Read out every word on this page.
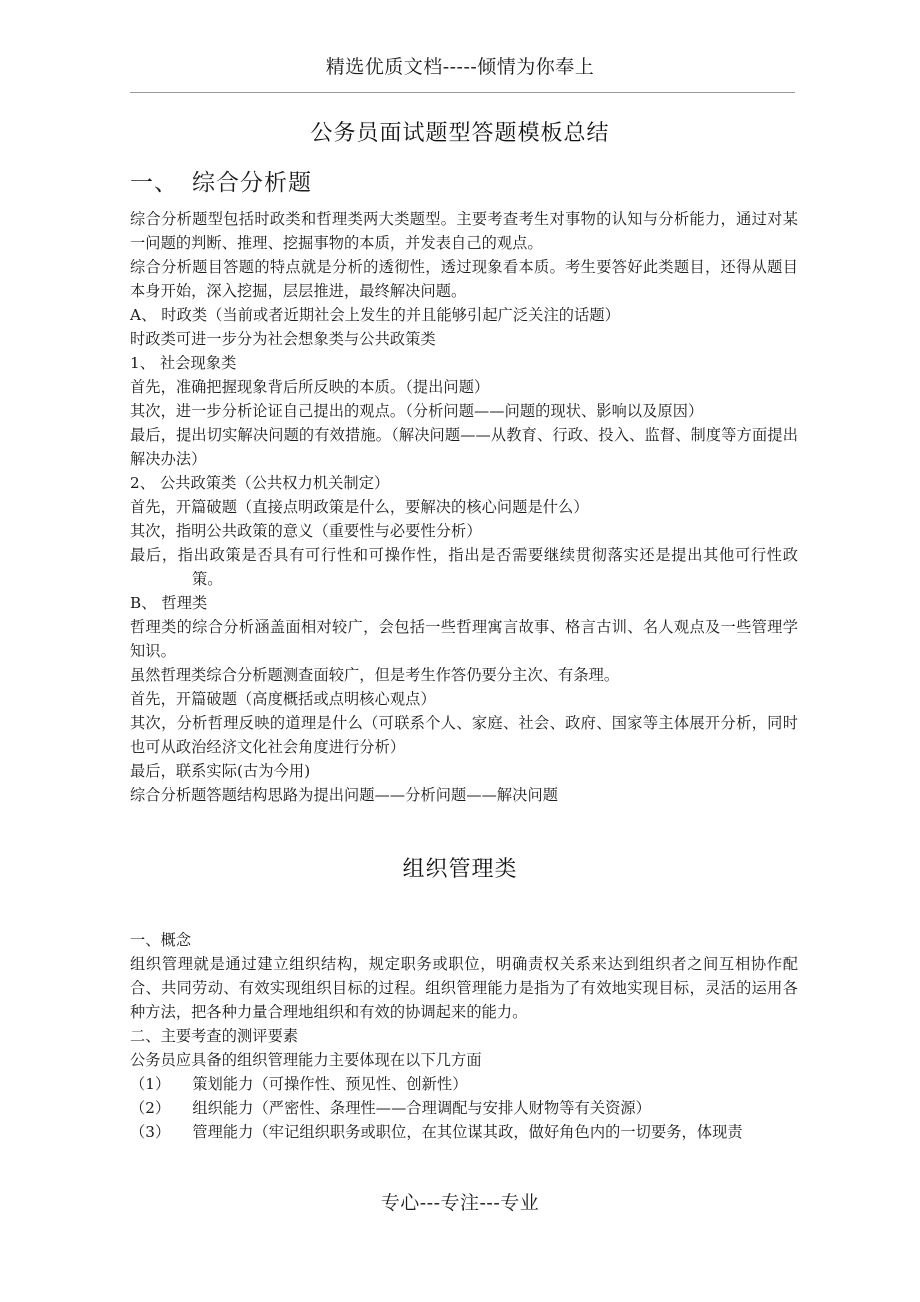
精选优质文档-----倾情为你奉上
公务员面试题型答题模板总结
一、 综合分析题

综合分析题型包括时政类和哲理类两大类题型。主要考查考生对事物的认知与分析能力，通过对某一问题的判断、推理、挖掘事物的本质，并发表自己的观点。

综合分析题目答题的特点就是分析的透彻性，透过现象看本质。考生要答好此类题目，还得从题目本身开始，深入挖掘，层层推进，最终解决问题。

A、 时政类（当前或者近期社会上发生的并且能够引起广泛关注的话题）

时政类可进一步分为社会想象类与公共政策类

1、 社会现象类

首先，准确把握现象背后所反映的本质。（提出问题）

其次，进一步分析论证自己提出的观点。（分析问题——问题的现状、影响以及原因）

最后，提出切实解决问题的有效措施。（解决问题——从教育、行政、投入、监督、制度等方面提出解决办法）

2、 公共政策类（公共权力机关制定）

首先，开篇破题（直接点明政策是什么，要解决的核心问题是什么）

其次，指明公共政策的意义（重要性与必要性分析）

最后，指出政策是否具有可行性和可操作性，指出是否需要继续贯彻落实还是提出其他可行性政策。

B、 哲理类

哲理类的综合分析涵盖面相对较广，会包括一些哲理寓言故事、格言古训、名人观点及一些管理学知识。

虽然哲理类综合分析题测查面较广，但是考生作答仍要分主次、有条理。

首先，开篇破题（高度概括或点明核心观点）

其次，分析哲理反映的道理是什么（可联系个人、家庭、社会、政府、国家等主体展开分析，同时也可从政治经济文化社会角度进行分析）

最后，联系实际(古为今用)

综合分析题答题结构思路为提出问题——分析问题——解决问题

组织管理类

一、概念

组织管理就是通过建立组织结构，规定职务或职位，明确责权关系来达到组织者之间互相协作配合、共同劳动、有效实现组织目标的过程。组织管理能力是指为了有效地实现目标，灵活的运用各种方法，把各种力量合理地组织和有效的协调起来的能力。

二、主要考查的测评要素

公务员应具备的组织管理能力主要体现在以下几方面

（1） 策划能力（可操作性、预见性、创新性）

（2） 组织能力（严密性、条理性——合理调配与安排人财物等有关资源）

（3） 管理能力（牢记组织职务或职位，在其位谋其政，做好角色内的一切要务，体现责

专心---专注---专业
